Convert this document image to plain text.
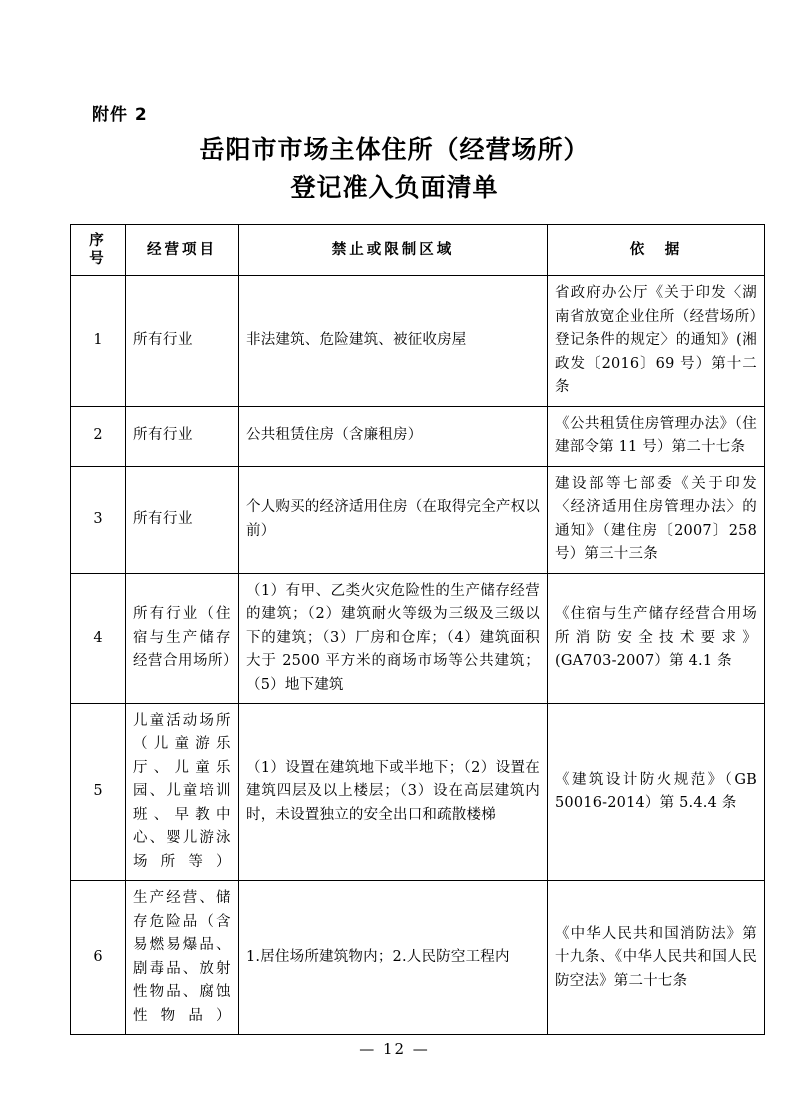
附件 2
岳阳市市场主体住所（经营场所）
登记准入负面清单
序
号	经营项目	禁止或限制区域	依　据
1	所有行业	非法建筑、危险建筑、被征收房屋	省政府办公厅《关于印发〈湖南省放宽企业住所（经营场所）登记条件的规定〉的通知》(湘政发〔2016〕69 号）第十二条
2	所有行业	公共租赁住房（含廉租房）	《公共租赁住房管理办法》（住建部令第 11 号）第二十七条
3	所有行业	个人购买的经济适用住房（在取得完全产权以前）	建设部等七部委《关于印发〈经济适用住房管理办法〉的通知》（建住房〔2007〕258 号）第三十三条
4	所有行业（住宿与生产储存经营合用场所）	（1）有甲、乙类火灾危险性的生产储存经营的建筑；（2）建筑耐火等级为三级及三级以下的建筑；（3）厂房和仓库；（4）建筑面积大于 2500 平方米的商场市场等公共建筑；（5）地下建筑	《住宿与生产储存经营合用场所消防安全技术要求》(GA703-2007）第 4.1 条
5	儿童活动场所（儿童游乐厅、儿童乐园、儿童培训班、早教中心、婴儿游泳场所等）	（1）设置在建筑地下或半地下；（2）设置在建筑四层及以上楼层；（3）设在高层建筑内时，未设置独立的安全出口和疏散楼梯	《建筑设计防火规范》（GB 50016-2014）第 5.4.4 条
6	生产经营、储存危险品（含易燃易爆品、剧毒品、放射性物品、腐蚀性物品）	1.居住场所建筑物内；2.人民防空工程内	《中华人民共和国消防法》第十九条、《中华人民共和国人民防空法》第二十七条
— 12 —
